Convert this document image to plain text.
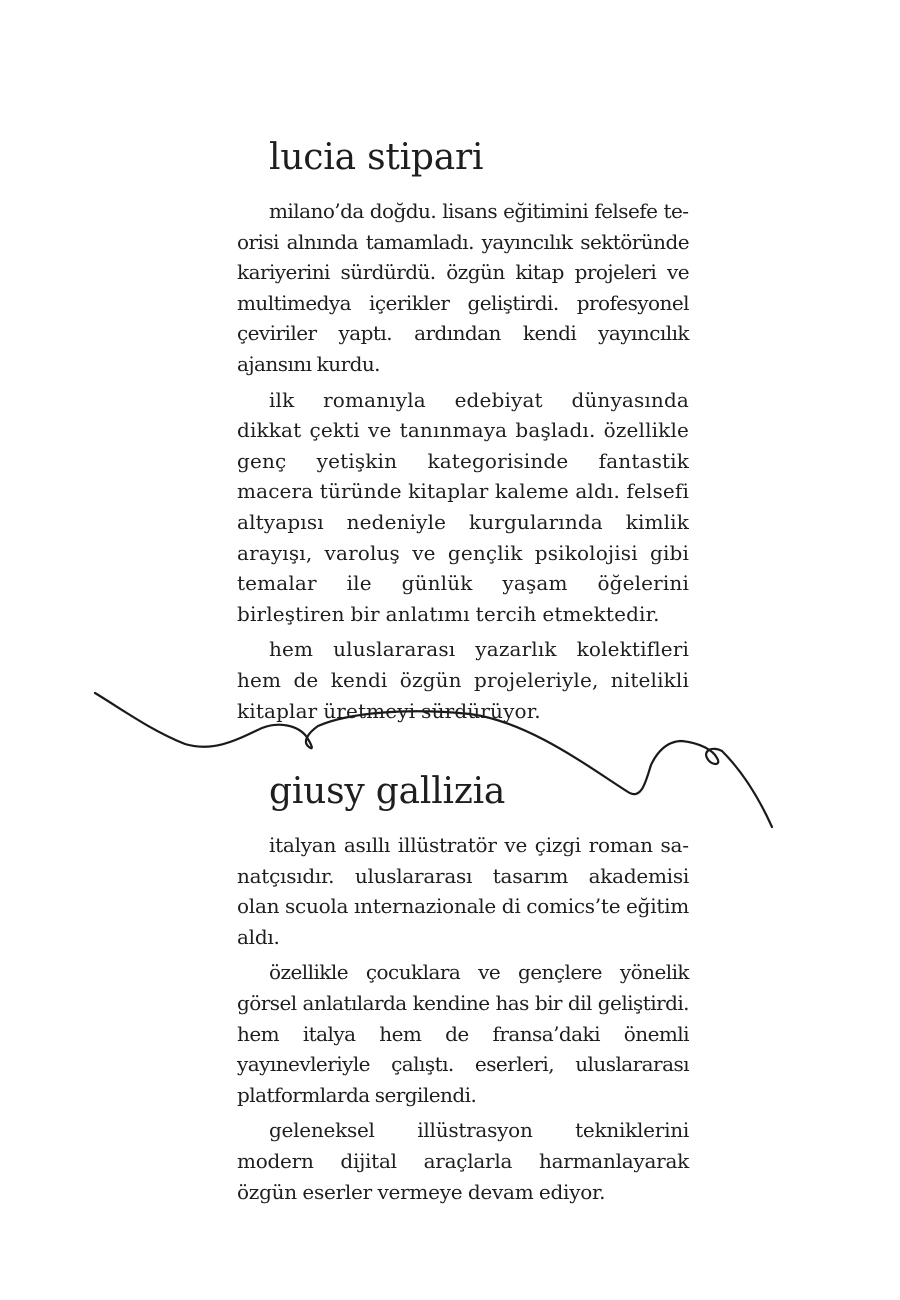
lucia stipari

milano’da doğdu. lisans eğitimini felsefe teorisi alnında tamamladı. yayıncılık sektöründe kariyerini sürdürdü. özgün kitap projeleri ve multimedya içerikler geliştirdi. profesyonel çeviriler yaptı. ardından kendi yayıncılık ajansını kurdu.

ilk romanıyla edebiyat dünyasında dikkat çekti ve tanınmaya başladı. özellikle genç yetişkin kategorisinde fantastik macera türünde kitaplar kaleme aldı. felsefi altyapısı nedeniyle kurgularında kimlik arayışı, varoluş ve gençlik psikolojisi gibi temalar ile günlük yaşam öğelerini birleştiren bir anlatımı tercih etmektedir.

hem uluslararası yazarlık kolektifleri hem de kendi özgün projeleriyle, nitelikli kitaplar üretmeyi sürdürüyor.

giusy gallizia

italyan asıllı illüstratör ve çizgi roman sanatçısıdır. uluslararası tasarım akademisi olan scuola ınternazionale di comics’te eğitim aldı.

özellikle çocuklara ve gençlere yönelik görsel anlatılarda kendine has bir dil geliştirdi. hem italya hem de fransa’daki önemli yayınevleriyle çalıştı. eserleri, uluslararası platformlarda sergilendi.

geleneksel illüstrasyon tekniklerini modern dijital araçlarla harmanlayarak özgün eserler vermeye devam ediyor.
